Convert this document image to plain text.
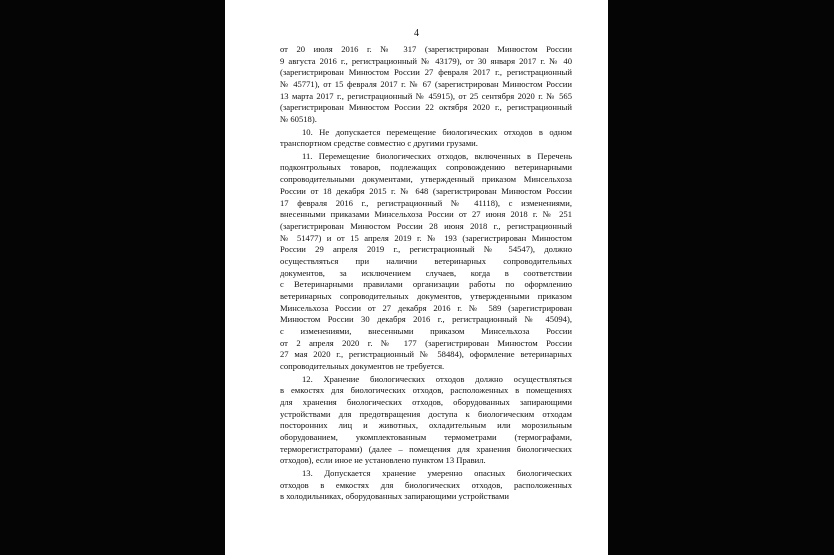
4
от 20 июля 2016 г. № 317 (зарегистрирован Минюстом России
9 августа 2016 г., регистрационный № 43179), от 30 января 2017 г. № 40
(зарегистрирован Минюстом России 27 февраля 2017 г., регистрационный
№ 45771), от 15 февраля 2017 г. № 67 (зарегистрирован Минюстом России
13 марта 2017 г., регистрационный № 45915), от 25 сентября 2020 г. № 565
(зарегистрирован Минюстом России 22 октября 2020 г., регистрационный
№ 60518).
10. Не допускается перемещение биологических отходов в одном
транспортном средстве совместно с другими грузами.
11. Перемещение биологических отходов, включенных в Перечень
подконтрольных товаров, подлежащих сопровождению ветеринарными
сопроводительными документами, утвержденный приказом Минсельхоза
России от 18 декабря 2015 г. № 648 (зарегистрирован Минюстом России
17 февраля 2016 г., регистрационный № 41118), с изменениями,
внесенными приказами Минсельхоза России от 27 июня 2018 г. № 251
(зарегистрирован Минюстом России 28 июня 2018 г., регистрационный
№ 51477) и от 15 апреля 2019 г. № 193 (зарегистрирован Минюстом
России 29 апреля 2019 г., регистрационный № 54547), должно
осуществляться при наличии ветеринарных сопроводительных
документов, за исключением случаев, когда в соответствии
с Ветеринарными правилами организации работы по оформлению
ветеринарных сопроводительных документов, утвержденными приказом
Минсельхоза России от 27 декабря 2016 г. № 589 (зарегистрирован
Минюстом России 30 декабря 2016 г., регистрационный № 45094),
с изменениями, внесенными приказом Минсельхоза России
от 2 апреля 2020 г. № 177 (зарегистрирован Минюстом России
27 мая 2020 г., регистрационный № 58484), оформление ветеринарных
сопроводительных документов не требуется.
12. Хранение биологических отходов должно осуществляться
в емкостях для биологических отходов, расположенных в помещениях
для хранения биологических отходов, оборудованных запирающими
устройствами для предотвращения доступа к биологическим отходам
посторонних лиц и животных, охладительным или морозильным
оборудованием, укомплектованным термометрами (термографами,
терморегистраторами) (далее – помещения для хранения биологических
отходов), если иное не установлено пунктом 13 Правил.
13. Допускается хранение умеренно опасных биологических
отходов в емкостях для биологических отходов, расположенных
в холодильниках, оборудованных запирающими устройствами
